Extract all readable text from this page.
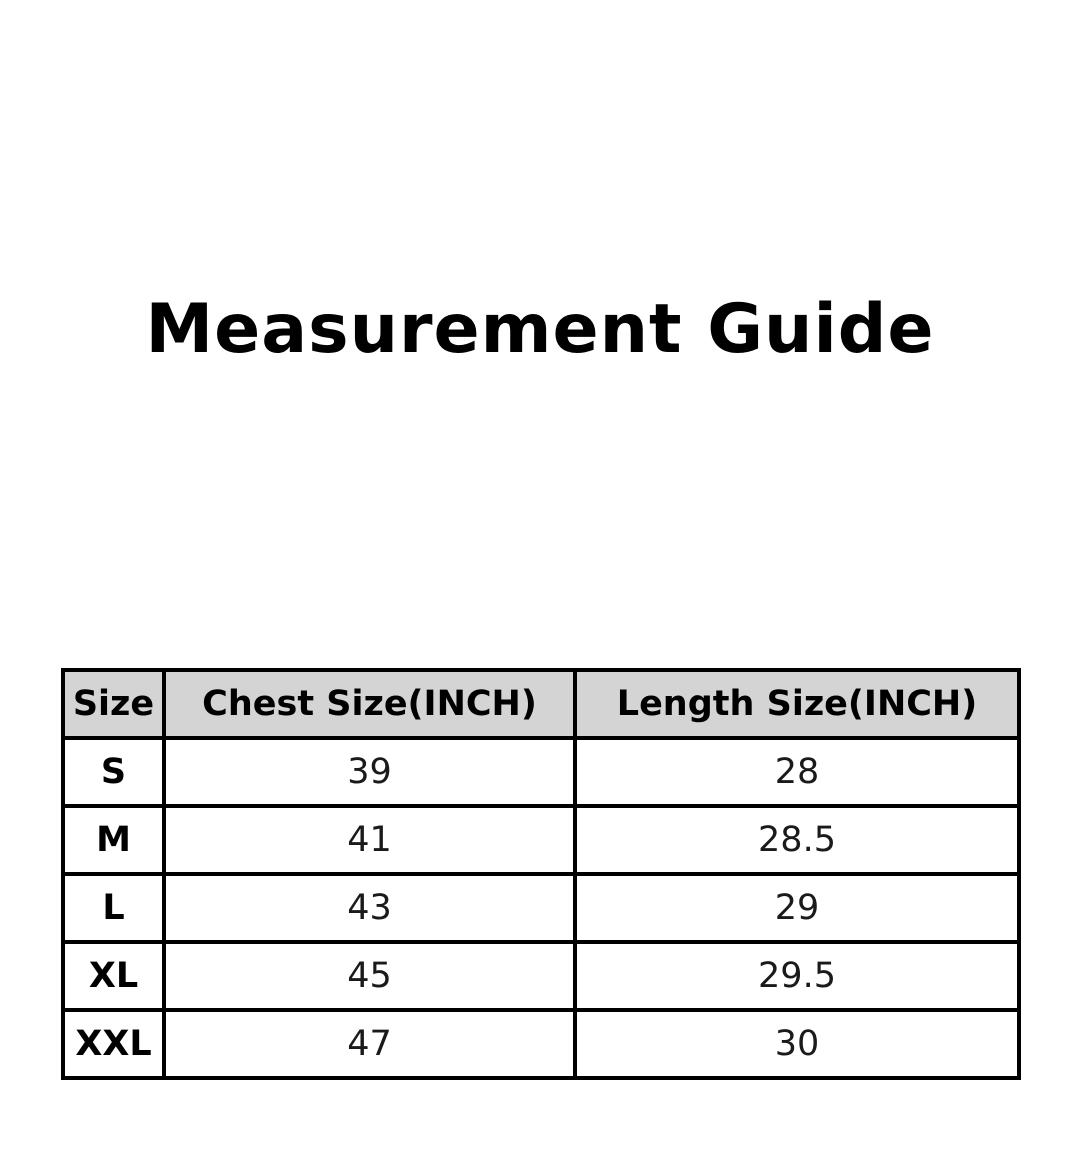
Measurement Guide
Size	Chest Size(INCH)	Length Size(INCH)
S	39	28
M	41	28.5
L	43	29
XL	45	29.5
XXL	47	30
